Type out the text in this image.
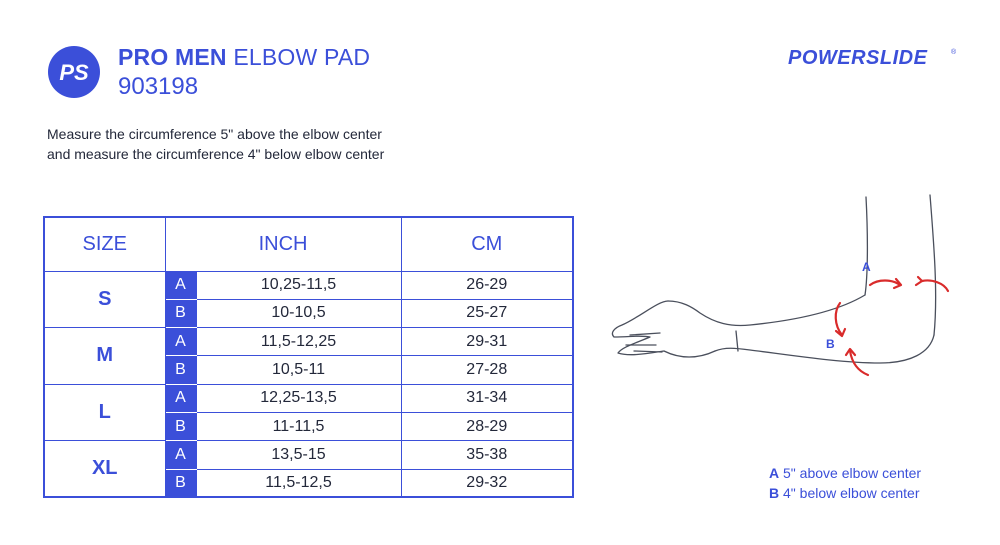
PS
PRO MEN ELBOW PAD
903198
POWERSLIDE	®
Measure the circumference 5" above the elbow center
and measure the circumference 4" below elbow center
SIZE	INCH		CM
S	A	10,25-11,5	26-29
	B	10-10,5	25-27
M	A	11,5-12,25	29-31
	B	10,5-11	27-28
L	A	12,25-13,5	31-34
	B	11-11,5	28-29
XL	A	13,5-15	35-38
	B	11,5-12,5	29-32
A
B
A 5" above elbow center
B 4" below elbow center
